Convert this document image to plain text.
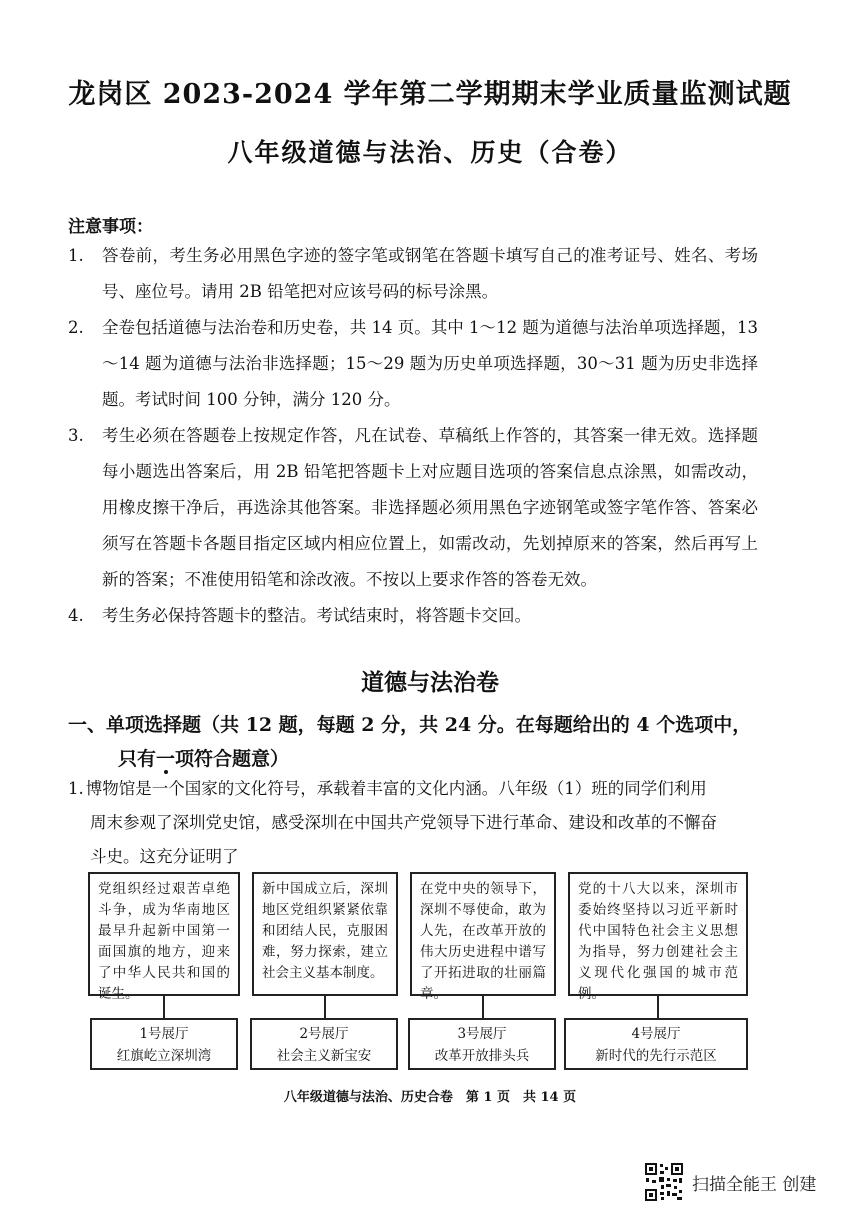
龙岗区 2023-2024 学年第二学期期末学业质量监测试题
八年级道德与法治、历史（合卷）
注意事项：

1. 答卷前，考生务必用黑色字迹的签字笔或钢笔在答题卡填写自己的准考证号、姓名、考场号、座位号。请用 2B 铅笔把对应该号码的标号涂黑。

2. 全卷包括道德与法治卷和历史卷，共 14 页。其中 1～12 题为道德与法治单项选择题，13～14 题为道德与法治非选择题；15～29 题为历史单项选择题，30～31 题为历史非选择题。考试时间 100 分钟，满分 120 分。

3. 考生必须在答题卷上按规定作答，凡在试卷、草稿纸上作答的，其答案一律无效。选择题每小题选出答案后，用 2B 铅笔把答题卡上对应题目选项的答案信息点涂黑，如需改动，用橡皮擦干净后，再选涂其他答案。非选择题必须用黑色字迹钢笔或签字笔作答、答案必须写在答题卡各题目指定区域内相应位置上，如需改动，先划掉原来的答案，然后再写上新的答案；不准使用铅笔和涂改液。不按以上要求作答的答卷无效。

4. 考生务必保持答题卡的整洁。考试结束时，将答题卡交回。

道德与法治卷
一、单项选择题（共 12 题，每题 2 分，共 24 分。在每题给出的 4 个选项中，
只有一项符合题意）
1. 博物馆是一个国家的文化符号，承载着丰富的文化内涵。八年级（1）班的同学们利用
周末参观了深圳党史馆，感受深圳在中国共产党领导下进行革命、建设和改革的不懈奋
斗史。这充分证明了
党组织经过艰苦卓绝斗争，成为华南地区最早升起新中国第一面国旗的地方，迎来了中华人民共和国的诞生。
新中国成立后，深圳地区党组织紧紧依靠和团结人民，克服困难，努力探索，建立社会主义基本制度。
在党中央的领导下，深圳不辱使命，敢为人先，在改革开放的伟大历史进程中谱写了开拓进取的壮丽篇章。
党的十八大以来，深圳市委始终坚持以习近平新时代中国特色社会主义思想为指导，努力创建社会主义现代化强国的城市范例。
1号展厅
红旗屹立深圳湾
2号展厅
社会主义新宝安
3号展厅
改革开放排头兵
4号展厅
新时代的先行示范区
八年级道德与法治、历史合卷　第 1 页　共 14 页
扫描全能王 创建
